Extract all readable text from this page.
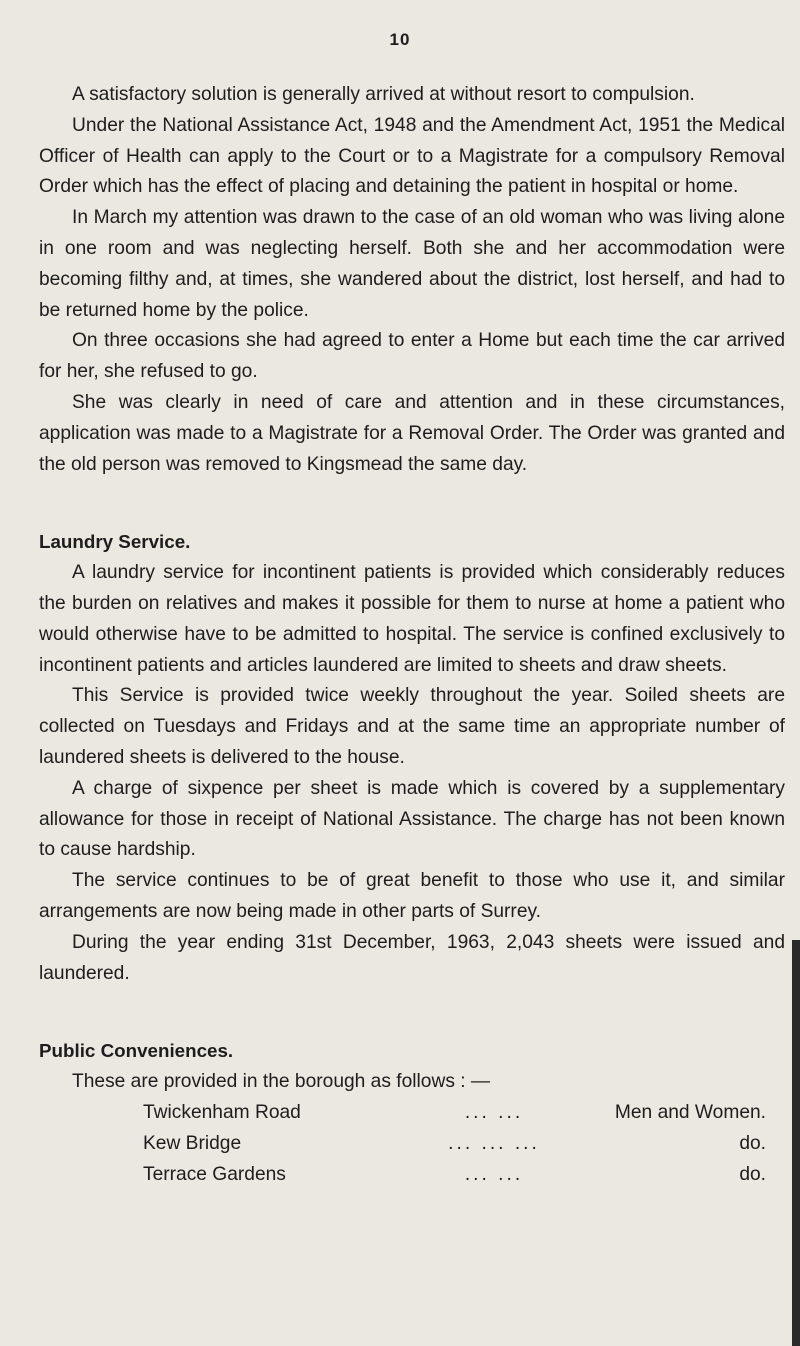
10

A satisfactory solution is generally arrived at without resort to compulsion.

Under the National Assistance Act, 1948 and the Amendment Act, 1951 the Medical Officer of Health can apply to the Court or to a Magistrate for a compulsory Removal Order which has the effect of placing and detaining the patient in hospital or home.

In March my attention was drawn to the case of an old woman who was living alone in one room and was neglecting herself. Both she and her accommodation were becoming filthy and, at times, she wandered about the district, lost herself, and had to be returned home by the police.

On three occasions she had agreed to enter a Home but each time the car arrived for her, she refused to go.

She was clearly in need of care and attention and in these circumstances, application was made to a Magistrate for a Removal Order. The Order was granted and the old person was removed to Kingsmead the same day.

Laundry Service.

A laundry service for incontinent patients is provided which considerably reduces the burden on relatives and makes it possible for them to nurse at home a patient who would otherwise have to be admitted to hospital. The service is confined exclusively to incontinent patients and articles laundered are limited to sheets and draw sheets.

This Service is provided twice weekly throughout the year. Soiled sheets are collected on Tuesdays and Fridays and at the same time an appropriate number of laundered sheets is delivered to the house.

A charge of sixpence per sheet is made which is covered by a supplementary allowance for those in receipt of National Assistance. The charge has not been known to cause hardship.

The service continues to be of great benefit to those who use it, and similar arrangements are now being made in other parts of Surrey.

During the year ending 31st December, 1963, 2,043 sheets were issued and laundered.

Public Conveniences.

These are provided in the borough as follows : —

Twickenham Road	... ...	Men and Women.
Kew Bridge	... ... ...	do.
Terrace Gardens	... ...	do.
